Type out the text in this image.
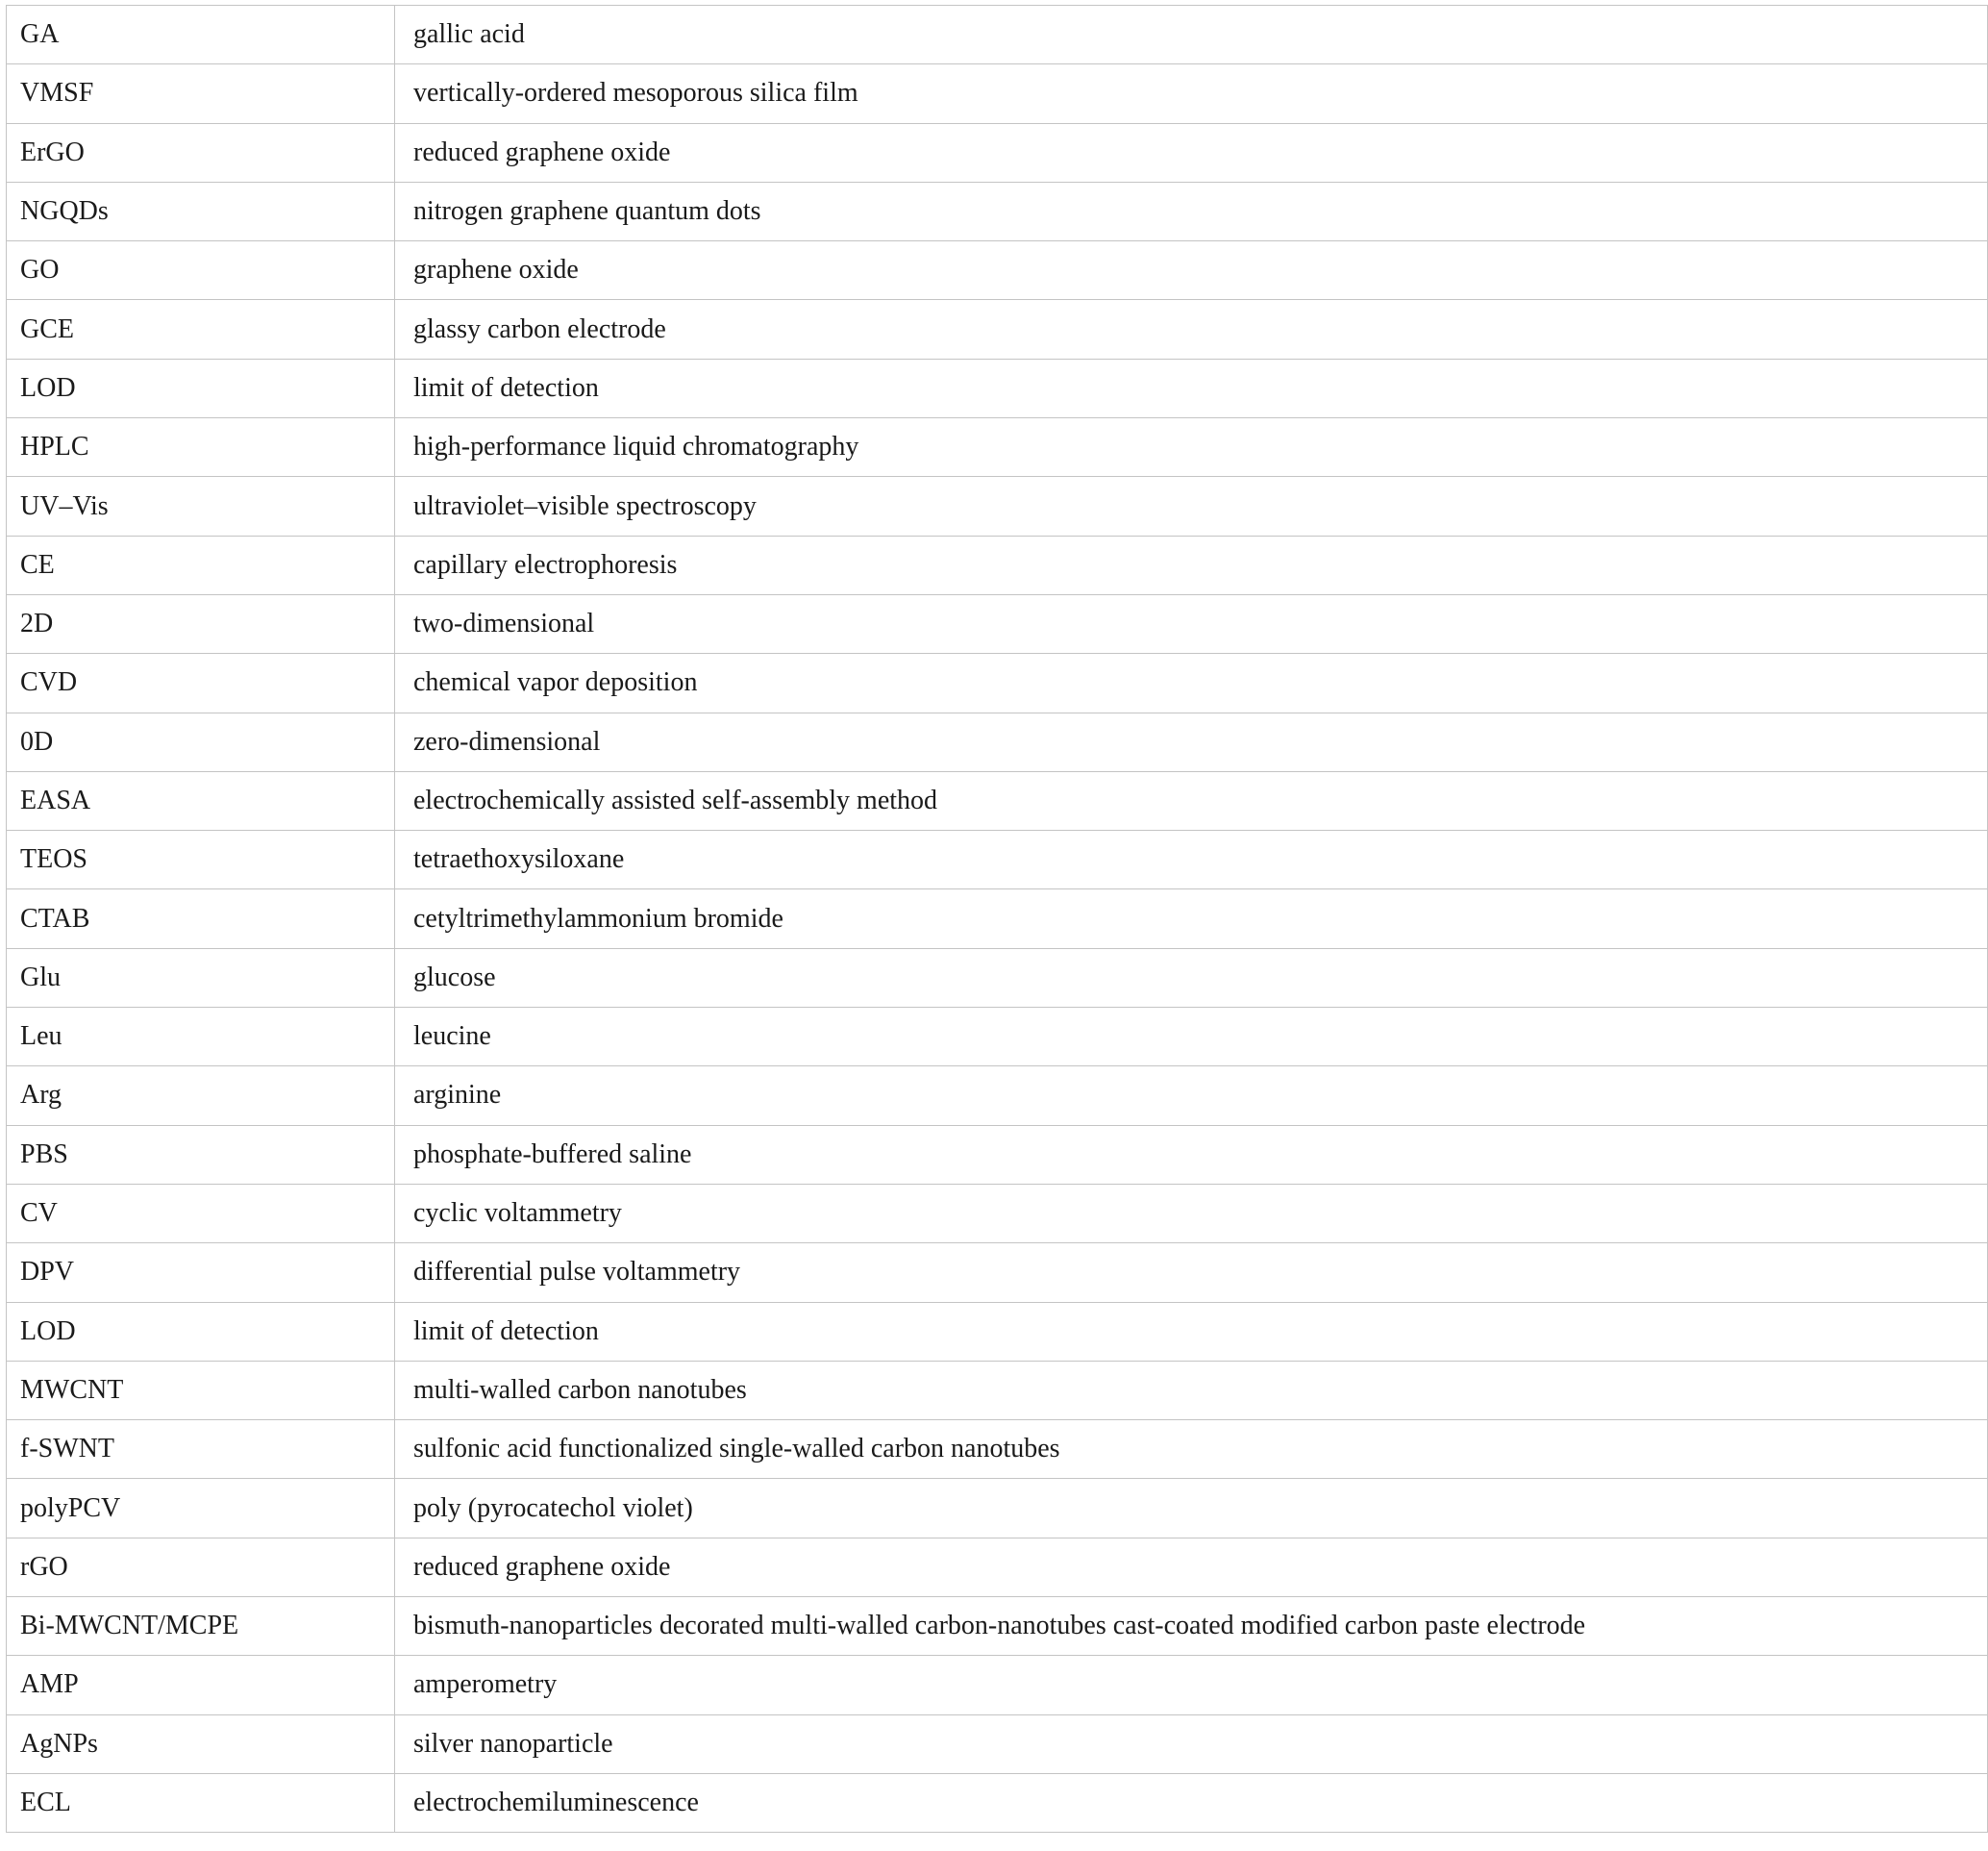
GA	gallic acid
VMSF	vertically-ordered mesoporous silica film
ErGO	reduced graphene oxide
NGQDs	nitrogen graphene quantum dots
GO	graphene oxide
GCE	glassy carbon electrode
LOD	limit of detection
HPLC	high-performance liquid chromatography
UV–Vis	ultraviolet–visible spectroscopy
CE	capillary electrophoresis
2D	two-dimensional
CVD	chemical vapor deposition
0D	zero-dimensional
EASA	electrochemically assisted self-assembly method
TEOS	tetraethoxysiloxane
CTAB	cetyltrimethylammonium bromide
Glu	glucose
Leu	leucine
Arg	arginine
PBS	phosphate-buffered saline
CV	cyclic voltammetry
DPV	differential pulse voltammetry
LOD	limit of detection
MWCNT	multi-walled carbon nanotubes
f-SWNT	sulfonic acid functionalized single-walled carbon nanotubes
polyPCV	poly (pyrocatechol violet)
rGO	reduced graphene oxide
Bi-MWCNT/MCPE	bismuth-nanoparticles decorated multi-walled carbon-nanotubes cast-coated modified carbon paste electrode
AMP	amperometry
AgNPs	silver nanoparticle
ECL	electrochemiluminescence
